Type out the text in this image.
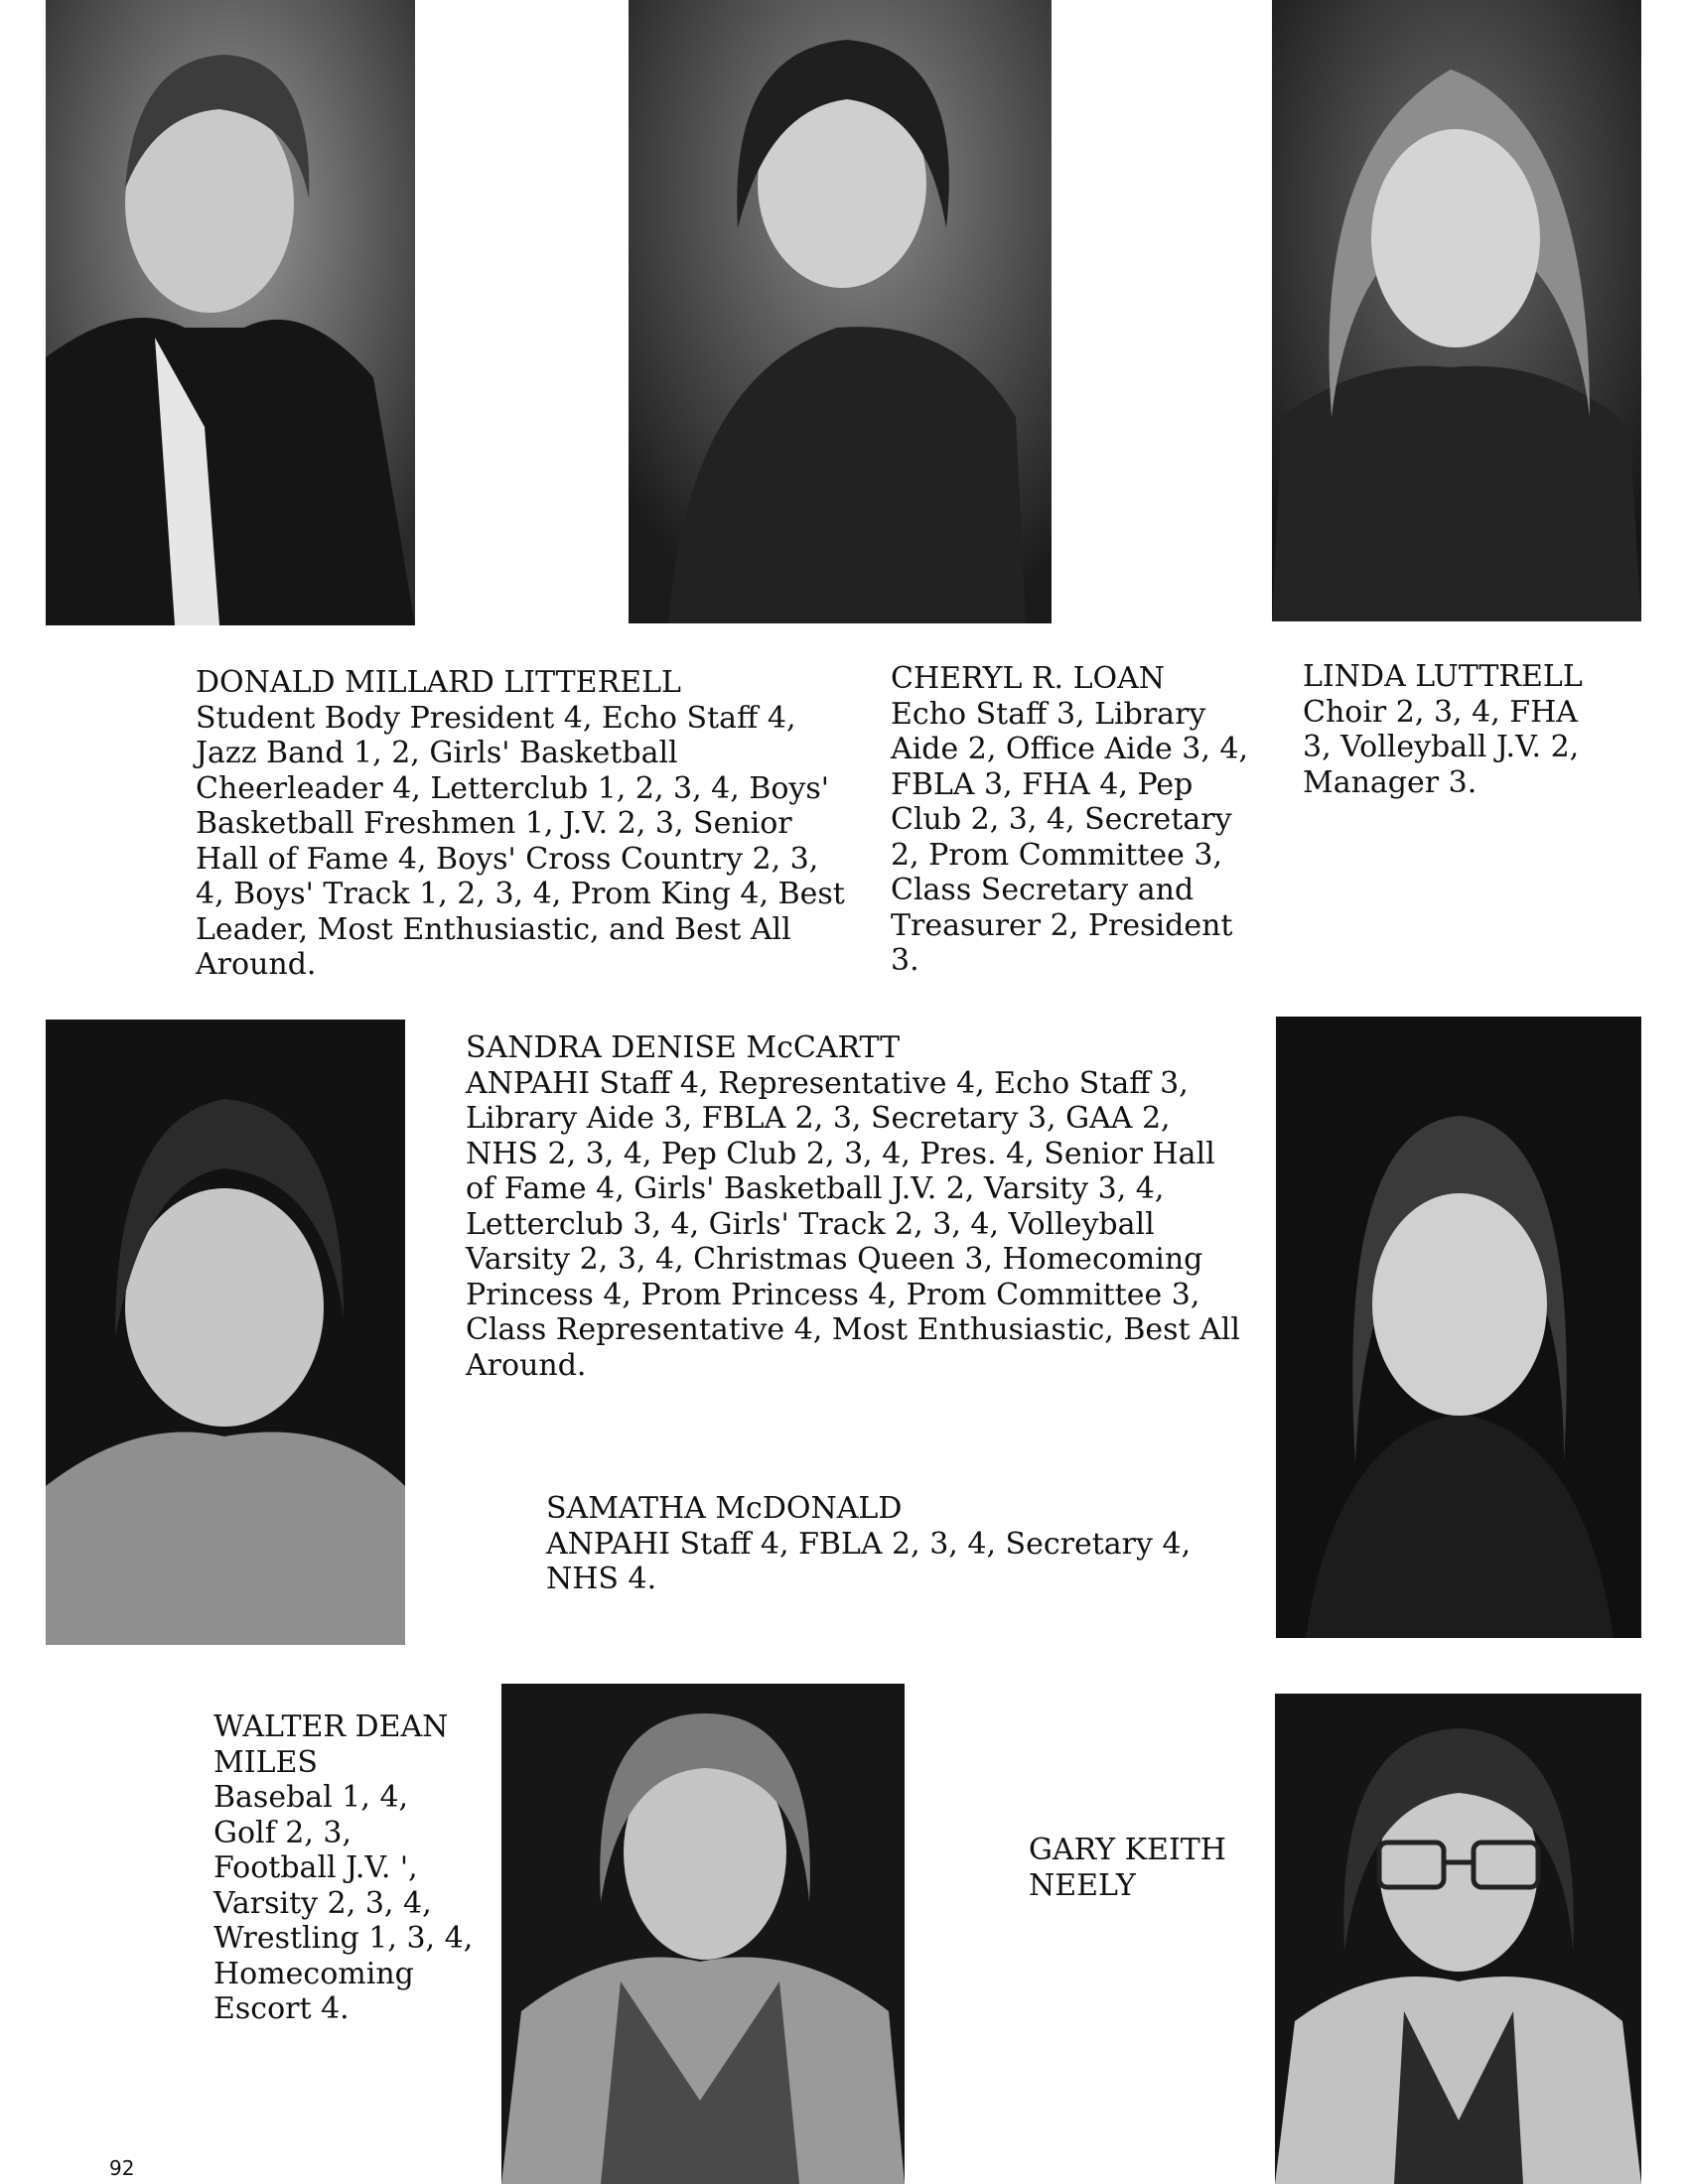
DONALD MILLARD LITTERELL
Student Body President 4, Echo Staff 4, Jazz Band 1, 2, Girls' Basketball Cheerleader 4, Letterclub 1, 2, 3, 4, Boys' Basketball Freshmen 1, J.V. 2, 3, Senior Hall of Fame 4, Boys' Cross Country 2, 3, 4, Boys' Track 1, 2, 3, 4, Prom King 4, Best Leader, Most Enthusiastic, and Best All Around.
CHERYL R. LOAN
Echo Staff 3, Library Aide 2, Office Aide 3, 4, FBLA 3, FHA 4, Pep Club 2, 3, 4, Secretary 2, Prom Committee 3, Class Secretary and Treasurer 2, President 3.
LINDA LUTTRELL
Choir 2, 3, 4, FHA 3, Volleyball J.V. 2, Manager 3.
SANDRA DENISE McCARTT
ANPAHI Staff 4, Representative 4, Echo Staff 3, Library Aide 3, FBLA 2, 3, Secretary 3, GAA 2, NHS 2, 3, 4, Pep Club 2, 3, 4, Pres. 4, Senior Hall of Fame 4, Girls' Basketball J.V. 2, Varsity 3, 4, Letterclub 3, 4, Girls' Track 2, 3, 4, Volleyball Varsity 2, 3, 4, Christmas Queen 3, Homecoming Princess 4, Prom Princess 4, Prom Committee 3, Class Representative 4, Most Enthusiastic, Best All Around.
SAMATHA McDONALD
ANPAHI Staff 4, FBLA 2, 3, 4, Secretary 4, NHS 4.
WALTER DEAN MILES
Basebal 1, 4, Golf 2, 3, Football J.V. ', Varsity 2, 3, 4, Wrestling 1, 3, 4, Homecoming Escort 4.
GARY KEITH NEELY
92
